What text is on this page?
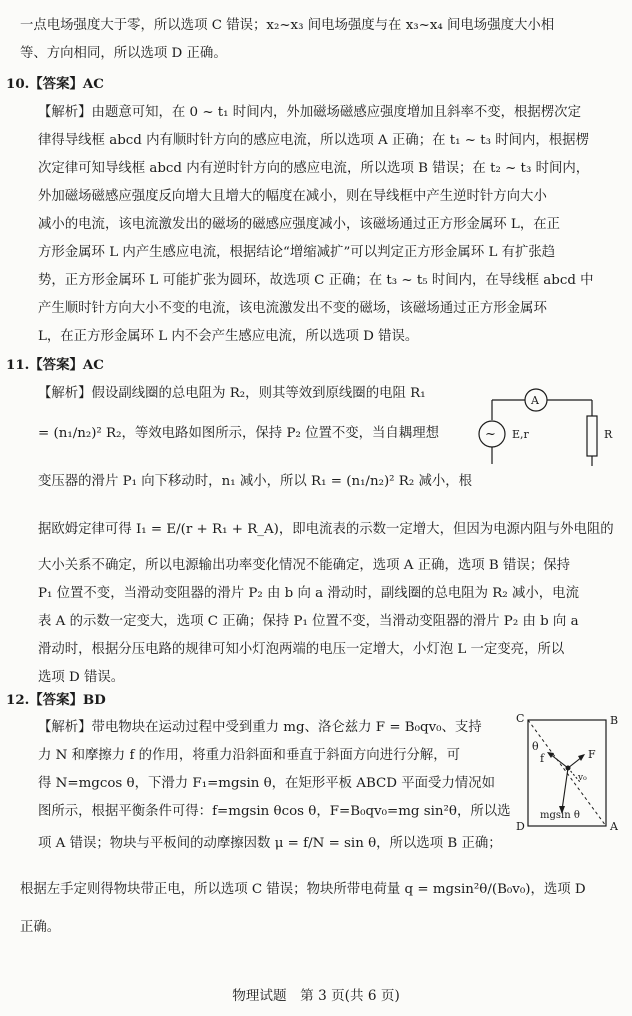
一点电场强度大于零，所以选项 C 错误；x₂~x₃ 间电场强度与在 x₃~x₄ 间电场强度大小相
等、方向相同，所以选项 D 正确。
10.【答案】AC
【解析】由题意可知，在 0 ~ t₁ 时间内，外加磁场磁感应强度增加且斜率不变，根据楞次定
律得导线框 abcd 内有顺时针方向的感应电流，所以选项 A 正确；在 t₁ ~ t₃ 时间内，根据楞
次定律可知导线框 abcd 内有逆时针方向的感应电流，所以选项 B 错误；在 t₂ ~ t₃ 时间内，
外加磁场磁感应强度反向增大且增大的幅度在减小，则在导线框中产生逆时针方向大小
减小的电流，该电流激发出的磁场的磁感应强度减小，该磁场通过正方形金属环 L，在正
方形金属环 L 内产生感应电流，根据结论“增缩减扩”可以判定正方形金属环 L 有扩张趋
势，正方形金属环 L 可能扩张为圆环，故选项 C 正确；在 t₃ ~ t₅ 时间内，在导线框 abcd 中
产生顺时针方向大小不变的电流，该电流激发出不变的磁场，该磁场通过正方形金属环
L，在正方形金属环 L 内不会产生感应电流，所以选项 D 错误。
11.【答案】AC
【解析】假设副线圈的总电阻为 R₂，则其等效到原线圈的电阻 R₁
= (n₁/n₂)² R₂，等效电路如图所示，保持 P₂ 位置不变，当自耦理想
变压器的滑片 P₁ 向下移动时，n₁ 减小，所以 R₁ = (n₁/n₂)² R₂ 减小，根
据欧姆定律可得 I₁ = E/(r + R₁ + R_A)，即电流表的示数一定增大，但因为电源内阻与外电阻的
大小关系不确定，所以电源输出功率变化情况不能确定，选项 A 正确，选项 B 错误；保持
P₁ 位置不变，当滑动变阻器的滑片 P₂ 由 b 向 a 滑动时，副线圈的总电阻为 R₂ 减小，电流
表 A 的示数一定变大，选项 C 正确；保持 P₁ 位置不变，当滑动变阻器的滑片 P₂ 由 b 向 a
滑动时，根据分压电路的规律可知小灯泡两端的电压一定增大，小灯泡 L 一定变亮，所以
选项 D 错误。
A
~ E,r	R
12.【答案】BD
【解析】带电物块在运动过程中受到重力 mg、洛仑兹力 F = B₀qv₀、支持
力 N 和摩擦力 f 的作用，将重力沿斜面和垂直于斜面方向进行分解，可
得 N=mgcos θ，下滑力 F₁=mgsin θ，在矩形平板 ABCD 平面受力情况如
图所示，根据平衡条件可得：f=mgsin θcos θ，F=B₀qv₀=mg sin²θ，所以选
项 A 错误；物块与平板间的动摩擦因数 μ = f/N = sin θ，所以选项 B 正确；
根据左手定则得物块带正电，所以选项 C 错误；物块所带电荷量 q = mgsin²θ/(B₀v₀)，选项 D
正确。
C	B
D	A
θ
f	F
v₀
mgsin θ
物理试题　第 3 页(共 6 页)
